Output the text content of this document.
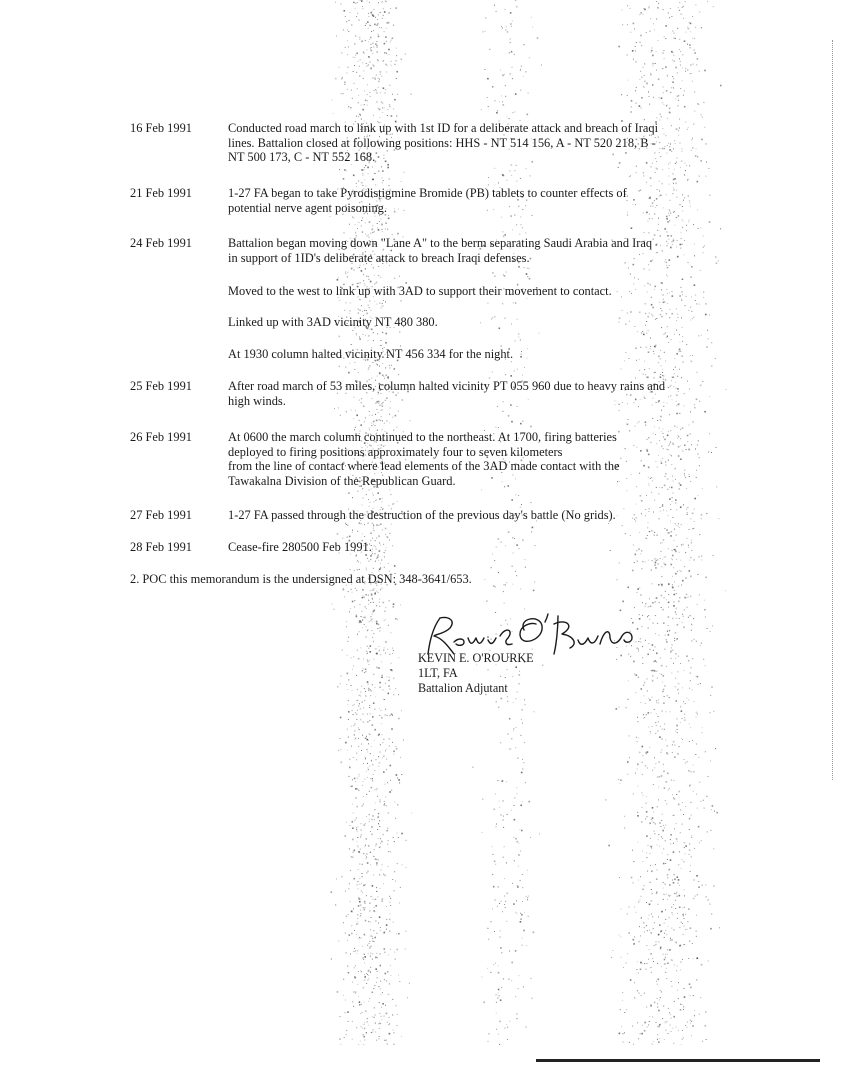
16 Feb 1991	Conducted road march to link up with 1st ID for a deliberate attack and breach of Iraqi
lines. Battalion closed at following positions: HHS - NT 514 156, A - NT 520 218, B -
NT 500 173, C - NT 552 168.
21 Feb 1991	1-27 FA began to take Pyrodistigmine Bromide (PB) tablets to counter effects of
potential nerve agent poisoning.
24 Feb 1991	Battalion began moving down "Lane A" to the berm separating Saudi Arabia and Iraq
in support of 1ID's deliberate attack to breach Iraqi defenses.
Moved to the west to link up with 3AD to support their movement to contact.
Linked up with 3AD vicinity NT 480 380.
At 1930 column halted vicinity NT 456 334 for the night.
25 Feb 1991	After road march of 53 miles, column halted vicinity PT 055 960 due to heavy rains and
high winds.
26 Feb 1991	At 0600 the march column continued to the northeast. At 1700, firing batteries
deployed to firing positions approximately four to seven kilometers
from the line of contact where lead elements of the 3AD made contact with the
Tawakalna Division of the Republican Guard.
27 Feb 1991	1-27 FA passed through the destruction of the previous day's battle (No grids).
28 Feb 1991	Cease-fire 280500 Feb 1991.
2. POC this memorandum is the undersigned at DSN: 348-3641/653.
KEVIN E. O'ROURKE
1LT, FA
Battalion Adjutant
